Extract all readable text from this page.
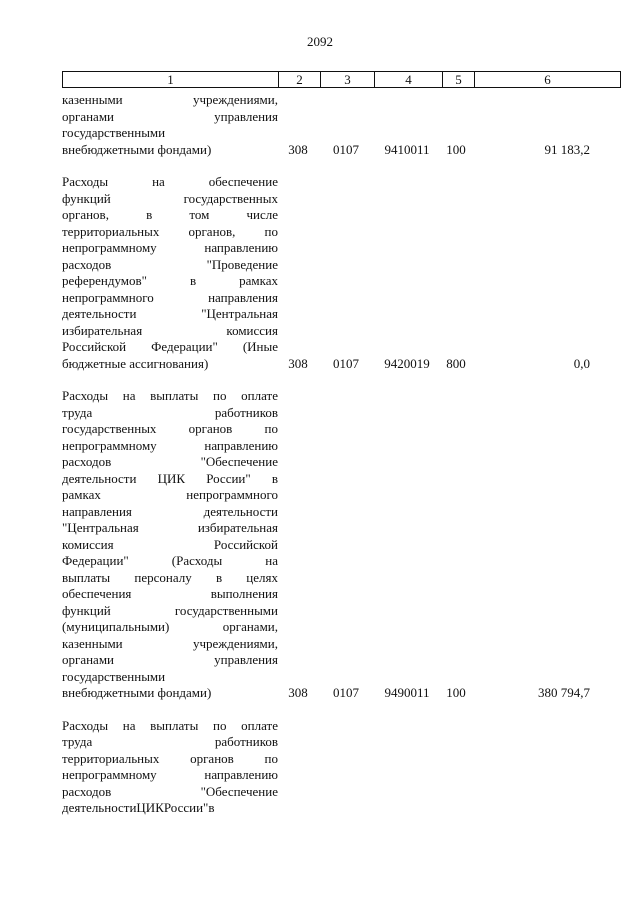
2092
1	2	3	4	5	6
казенными	учреждениями,
органами	управления
государственными
внебюджетными фондами)	308	0107	9410011	100	91 183,2
Расходы	на	обеспечение
функций	государственных
органов,	в	том	числе
территориальных органов, по
непрограммному	направлению
расходов	"Проведение
референдумов"	в	рамках
непрограммного	направления
деятельности	"Центральная
избирательная	комиссия
Российской Федерации" (Иные
бюджетные ассигнования)	308	0107	9420019	800	0,0
Расходы на выплаты по оплате
труда	работников
государственных органов по
непрограммному	направлению
расходов	"Обеспечение
деятельности ЦИК России" в
рамках	непрограммного
направления	деятельности
"Центральная	избирательная
комиссия	Российской
Федерации"	(Расходы	на
выплаты персоналу в целях
обеспечения	выполнения
функций	государственными
(муниципальными)	органами,
казенными	учреждениями,
органами	управления
государственными
внебюджетными фондами)	308	0107	9490011	100	380 794,7
Расходы на выплаты по оплате
труда	работников
территориальных органов по
непрограммному	направлению
расходов	"Обеспечение
деятельности ЦИК России" в
